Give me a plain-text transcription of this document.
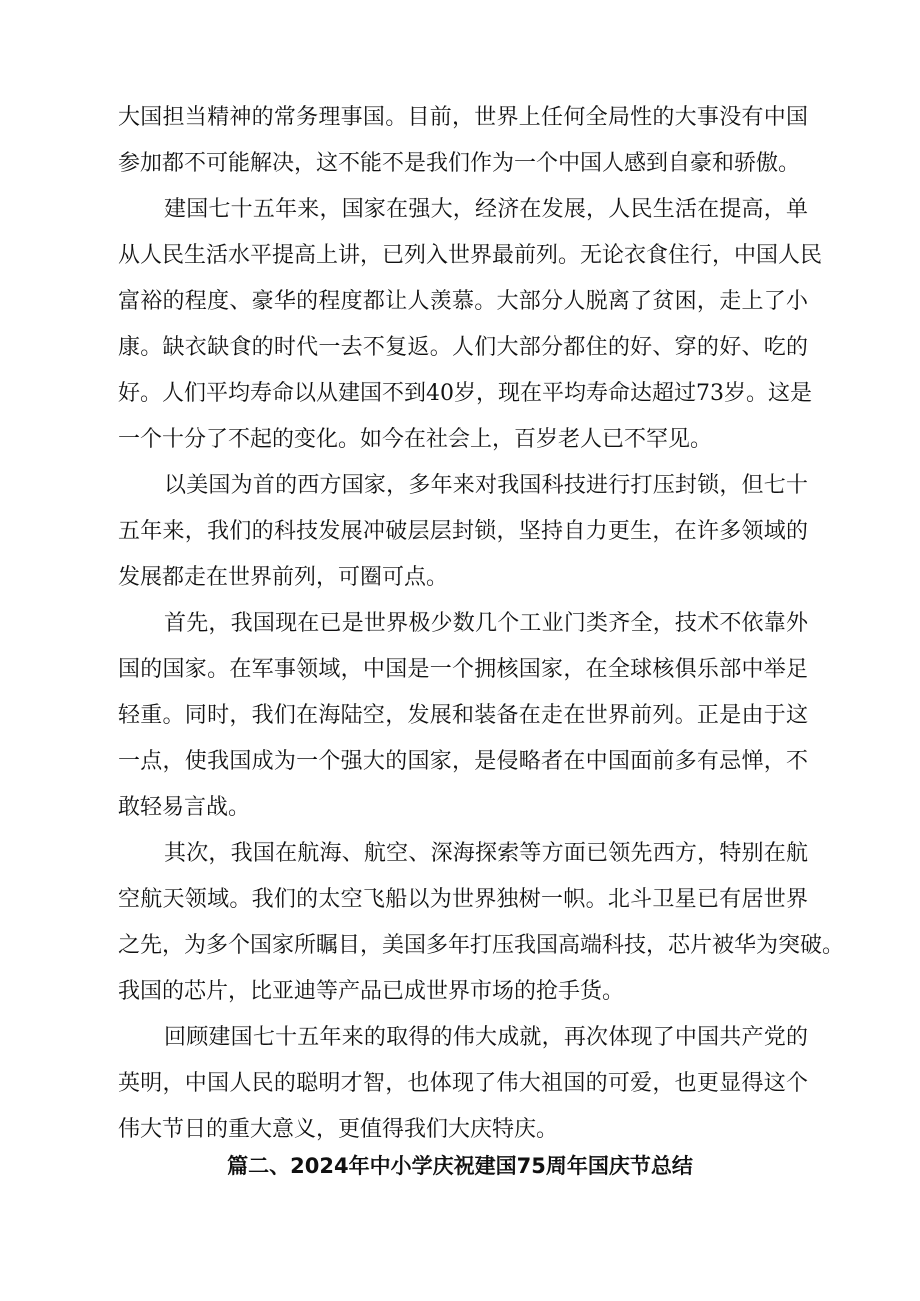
大国担当精神的常务理事国。目前，世界上任何全局性的大事没有中国
参加都不可能解决，这不能不是我们作为一个中国人感到自豪和骄傲。
建国七十五年来，国家在强大，经济在发展，人民生活在提高，单
从人民生活水平提高上讲，已列入世界最前列。无论衣食住行，中国人民
富裕的程度、豪华的程度都让人羡慕。大部分人脱离了贫困，走上了小
康。缺衣缺食的时代一去不复返。人们大部分都住的好、穿的好、吃的
好。人们平均寿命以从建国不到40岁，现在平均寿命达超过73岁。这是
一个十分了不起的变化。如今在社会上，百岁老人已不罕见。
以美国为首的西方国家，多年来对我国科技进行打压封锁，但七十
五年来，我们的科技发展冲破层层封锁，坚持自力更生，在许多领域的
发展都走在世界前列，可圈可点。
首先，我国现在已是世界极少数几个工业门类齐全，技术不依靠外
国的国家。在军事领域，中国是一个拥核国家，在全球核俱乐部中举足
轻重。同时，我们在海陆空，发展和装备在走在世界前列。正是由于这
一点，使我国成为一个强大的国家，是侵略者在中国面前多有忌惮，不
敢轻易言战。
其次，我国在航海、航空、深海探索等方面已领先西方，特别在航
空航天领域。我们的太空飞船以为世界独树一帜。北斗卫星已有居世界
之先，为多个国家所瞩目，美国多年打压我国高端科技，芯片被华为突破。
我国的芯片，比亚迪等产品已成世界市场的抢手货。
回顾建国七十五年来的取得的伟大成就，再次体现了中国共产党的
英明，中国人民的聪明才智，也体现了伟大祖国的可爱，也更显得这个
伟大节日的重大意义，更值得我们大庆特庆。
篇二、2024年中小学庆祝建国75周年国庆节总结
